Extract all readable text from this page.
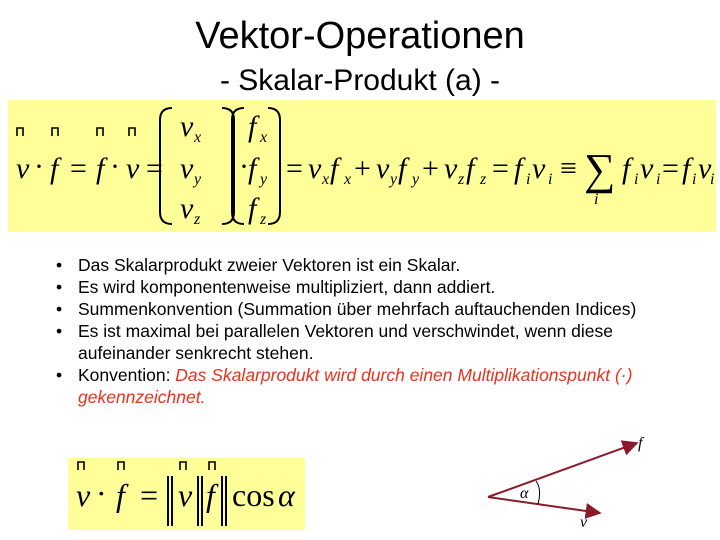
Vektor-Operationen
- Skalar-Produkt (a) -
v · f = f · v =
v x
v y
v z
·
f x
f y
f z
= v x f x + v y f y + v z f z = f i v i ≡ ∑
i
f i v i = f i v
i
• Das Skalarprodukt zweier Vektoren ist ein Skalar.
• Es wird komponentenweise multipliziert, dann addiert.
• Summenkonvention (Summation über mehrfach auftauchenden Indices)
• Es ist maximal bei parallelen Vektoren und verschwindet, wenn diese aufeinander senkrecht stehen.
• Konvention: Das Skalarprodukt wird durch einen Multiplikationspunkt (·) gekennzeichnet.
v · f = v f cos α	α
f
v
